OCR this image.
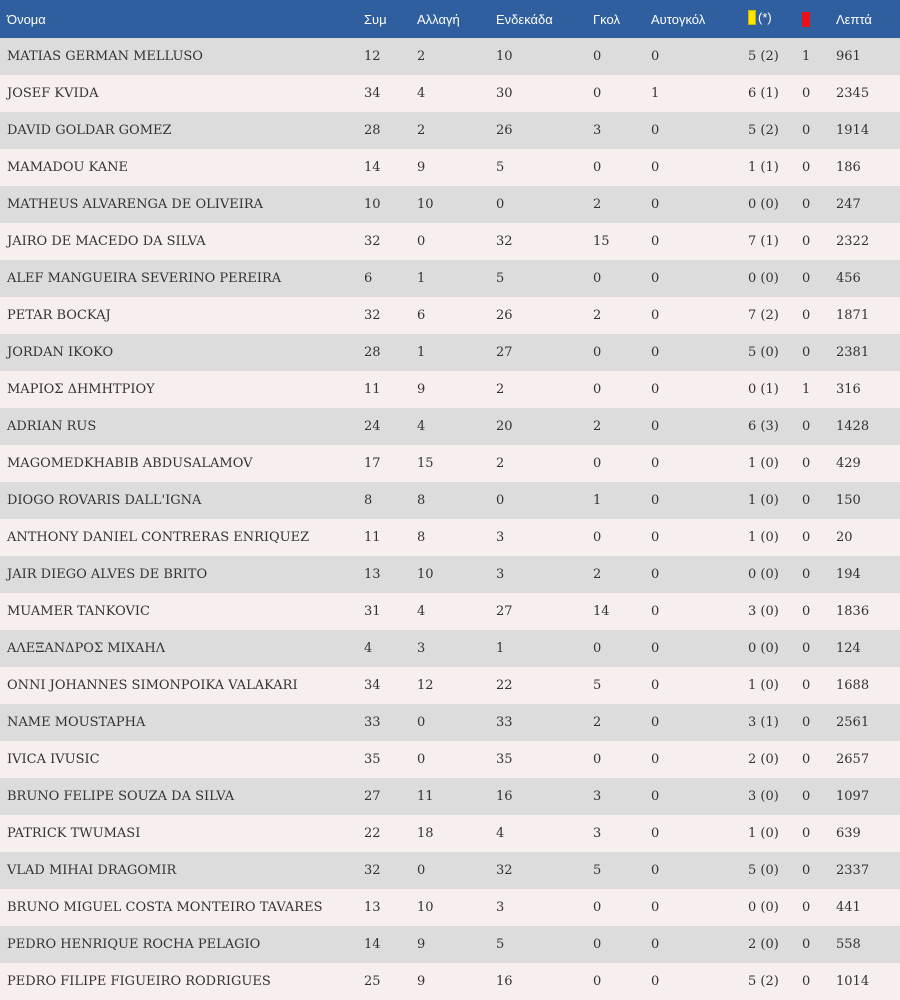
Όνομα	Συμ	Αλλαγή	Ενδεκάδα	Γκολ	Αυτογκόλ	(*)		Λεπτά
MATIAS GERMAN MELLUSO	12	2	10	0	0	5 (2)	1	961
JOSEF KVIDA	34	4	30	0	1	6 (1)	0	2345
DAVID GOLDAR GOMEZ	28	2	26	3	0	5 (2)	0	1914
MAMADOU KANE	14	9	5	0	0	1 (1)	0	186
MATHEUS ALVARENGA DE OLIVEIRA	10	10	0	2	0	0 (0)	0	247
JAIRO DE MACEDO DA SILVA	32	0	32	15	0	7 (1)	0	2322
ALEF MANGUEIRA SEVERINO PEREIRA	6	1	5	0	0	0 (0)	0	456
PETAR BOCKAJ	32	6	26	2	0	7 (2)	0	1871
JORDAN IKOKO	28	1	27	0	0	5 (0)	0	2381
ΜΑΡΙΟΣ ΔΗΜΗΤΡΙΟΥ	11	9	2	0	0	0 (1)	1	316
ADRIAN RUS	24	4	20	2	0	6 (3)	0	1428
MAGOMEDKHABIB ABDUSALAMOV	17	15	2	0	0	1 (0)	0	429
DIOGO ROVARIS DALL'IGNA	8	8	0	1	0	1 (0)	0	150
ANTHONY DANIEL CONTRERAS ENRIQUEZ	11	8	3	0	0	1 (0)	0	20
JAIR DIEGO ALVES DE BRITO	13	10	3	2	0	0 (0)	0	194
MUAMER TANKOVIC	31	4	27	14	0	3 (0)	0	1836
ΑΛΕΞΑΝΔΡΟΣ ΜΙΧΑΗΛ	4	3	1	0	0	0 (0)	0	124
ONNI JOHANNES SIMONPOIKA VALAKARI	34	12	22	5	0	1 (0)	0	1688
NAME MOUSTAPHA	33	0	33	2	0	3 (1)	0	2561
IVICA IVUSIC	35	0	35	0	0	2 (0)	0	2657
BRUNO FELIPE SOUZA DA SILVA	27	11	16	3	0	3 (0)	0	1097
PATRICK TWUMASI	22	18	4	3	0	1 (0)	0	639
VLAD MIHAI DRAGOMIR	32	0	32	5	0	5 (0)	0	2337
BRUNO MIGUEL COSTA MONTEIRO TAVARES	13	10	3	0	0	0 (0)	0	441
PEDRO HENRIQUE ROCHA PELAGIO	14	9	5	0	0	2 (0)	0	558
PEDRO FILIPE FIGUEIRO RODRIGUES	25	9	16	0	0	5 (2)	0	1014
